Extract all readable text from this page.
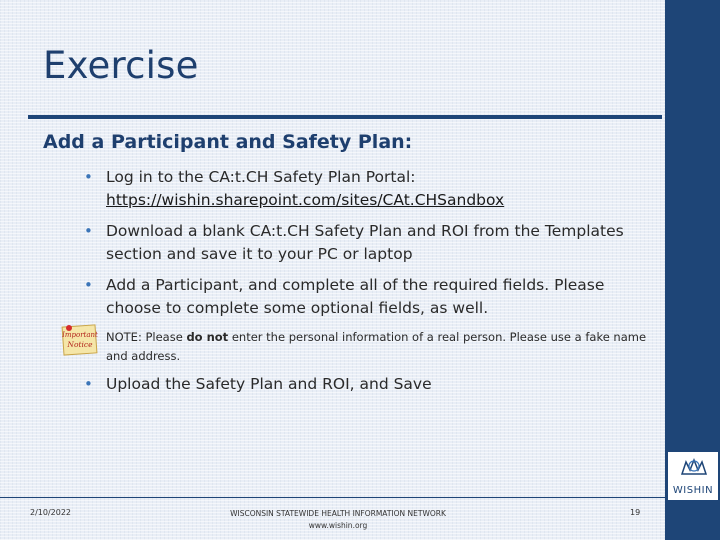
Exercise
Add a Participant and Safety Plan:
• Log in to the CA:t.CH Safety Plan Portal:
https://wishin.sharepoint.com/sites/CAt.CHSandbox
• Download a blank CA:t.CH Safety Plan and ROI from the Templates section and save it to your PC or laptop
• Add a Participant, and complete all of the required fields. Please choose to complete some optional fields, as well.
• Upload the Safety Plan and ROI, and Save
Important
Notice
NOTE: Please do not enter the personal information of a real person. Please use a fake name and address.
2/10/2022	WISCONSIN STATEWIDE HEALTH INFORMATION NETWORK
www.wishin.org
19
WISHIN
